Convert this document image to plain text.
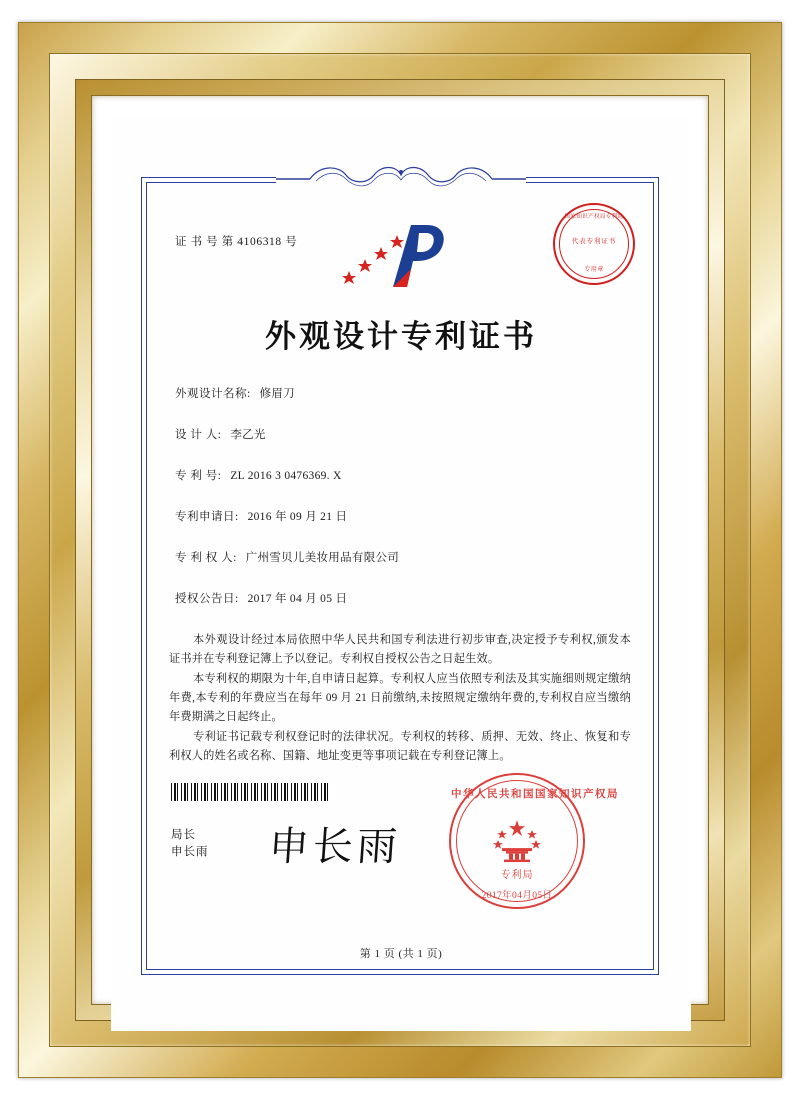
证 书 号 第 4106318 号
国家知识产权局专利局
代表专利证书
专用章
外观设计专利证书
外观设计名称: 修眉刀
设 计 人: 李乙光
专 利 号: ZL 2016 3 0476369. X
专利申请日: 2016 年 09 月 21 日
专 利 权 人: 广州雪贝儿美妆用品有限公司
授权公告日: 2017 年 04 月 05 日

本外观设计经过本局依照中华人民共和国专利法进行初步审查,决定授予专利权,颁发本证书并在专利登记簿上予以登记。专利权自授权公告之日起生效。

本专利权的期限为十年,自申请日起算。专利权人应当依照专利法及其实施细则规定缴纳年费,本专利的年费应当在每年 09 月 21 日前缴纳,未按照规定缴纳年费的,专利权自应当缴纳年费期满之日起终止。

专利证书记载专利权登记时的法律状况。专利权的转移、质押、无效、终止、恢复和专利权人的姓名或名称、国籍、地址变更等事项记载在专利登记簿上。

局长
申长雨 申长雨
中华人民共和国国家知识产权局
专利局
2017年04月05日
第 1 页 (共 1 页)
